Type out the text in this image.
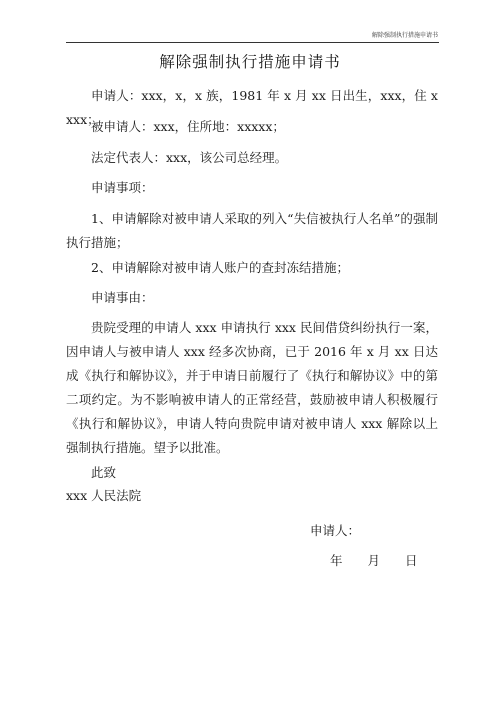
解除强制执行措施申请书
解除强制执行措施申请书
申请人：xxx，x，x 族，1981 年 x 月 xx 日出生，xxx，住 xxxx；
被申请人：xxx，住所地：xxxxx；
法定代表人：xxx，该公司总经理。
申请事项：
1、申请解除对被申请人采取的列入“失信被执行人名单”的强制执行措施；
2、申请解除对被申请人账户的查封冻结措施；
申请事由：
贵院受理的申请人 xxx 申请执行 xxx 民间借贷纠纷执行一案，因申请人与被申请人 xxx 经多次协商，已于 2016 年 x 月 xx 日达成《执行和解协议》，并于申请日前履行了《执行和解协议》中的第二项约定。为不影响被申请人的正常经营，鼓励被申请人积极履行《执行和解协议》，申请人特向贵院申请对被申请人 xxx 解除以上强制执行措施。望予以批准。
此致
xxx 人民法院
申请人：
年　　月　　日
